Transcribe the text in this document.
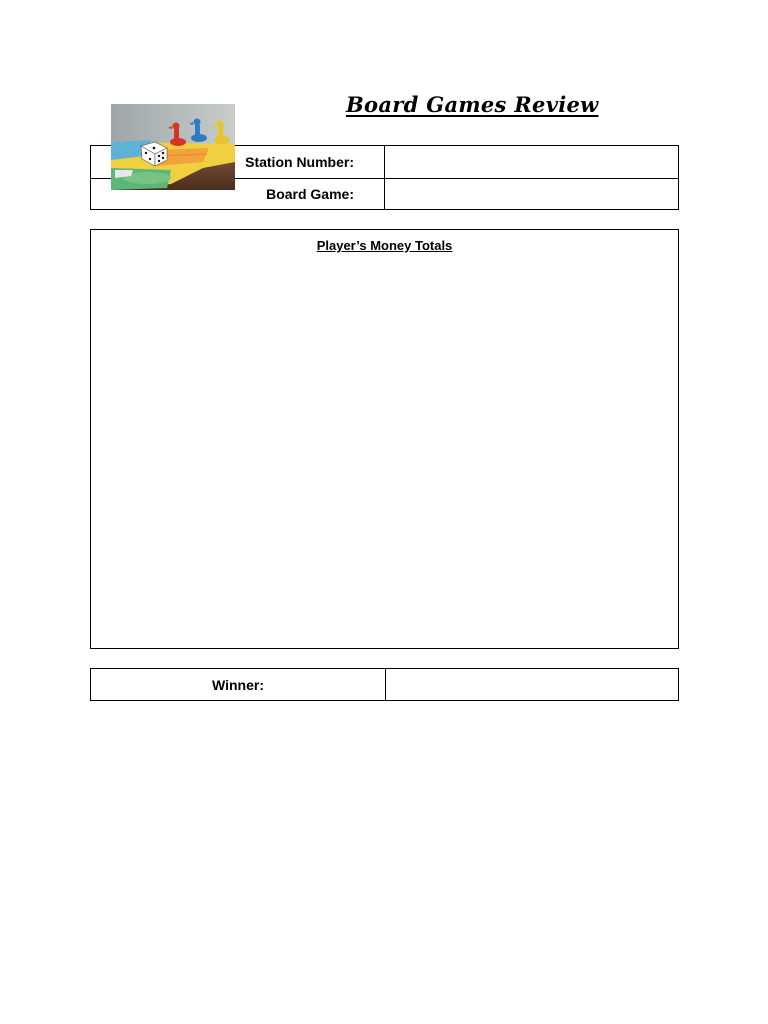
Board Games Review
Station Number:
Board Game:
Player’s Money Totals
Winner:
